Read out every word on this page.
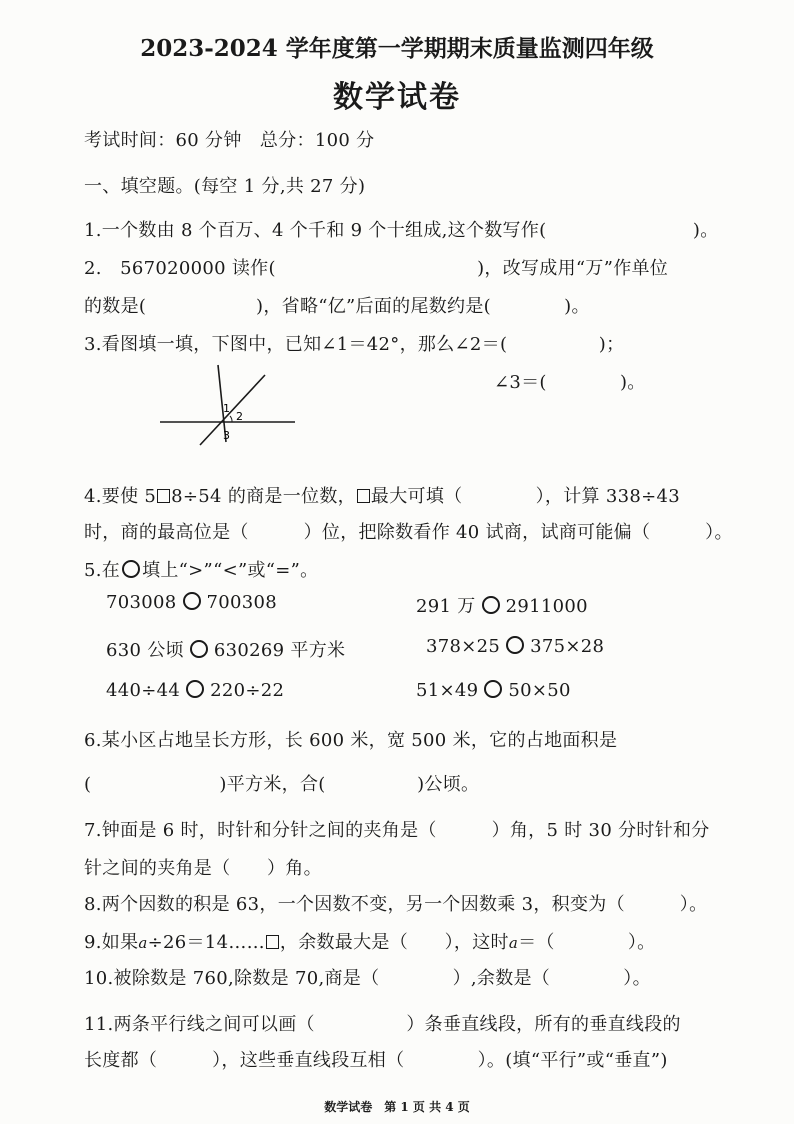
2023-2024 学年度第一学期期末质量监测四年级
数学试卷
考试时间：60 分钟　总分：100 分
一、填空题。(每空 1 分,共 27 分)
1.一个数由 8 个百万、4 个千和 9 个十组成,这个数写作(　　　　　　　　)。
2.　567020000 读作(　　　　　　　　　　　)，改写成用“万”作单位
的数是(　　　　　　)，省略“亿”后面的尾数约是(　　　　)。
3.看图填一填，下图中，已知∠1＝42°，那么∠2＝(　　　　　)；
∠3＝(　　　　)。
1
2
3
4.要使 5 8÷54 的商是一位数， 最大可填（　　　　），计算 338÷43
时，商的最高位是（　　　）位，把除数看作 40 试商，试商可能偏（　　　）。
5.在 填上“>”“<”或“=”。
703008 700308	291 万 2911000
630 公顷 630269 平方米	378×25 375×28
440÷44 220÷22	51×49 50×50
6.某小区占地呈长方形，长 600 米，宽 500 米，它的占地面积是
(　　　　　　　)平方米，合(　　　　　)公顷。
7.钟面是 6 时，时针和分针之间的夹角是（　　　）角，5 时 30 分时针和分
针之间的夹角是（　　）角。
8.两个因数的积是 63，一个因数不变，另一个因数乘 3，积变为（　　　）。
9.如果a÷26＝14…… ，余数最大是（　　），这时a＝（　　　　）。
10.被除数是 760,除数是 70,商是（　　　　）,余数是（　　　　）。
11.两条平行线之间可以画（　　　　　）条垂直线段，所有的垂直线段的
长度都（　　　），这些垂直线段互相（　　　　）。(填“平行”或“垂直”)
数学试卷　第 1 页 共 4 页
